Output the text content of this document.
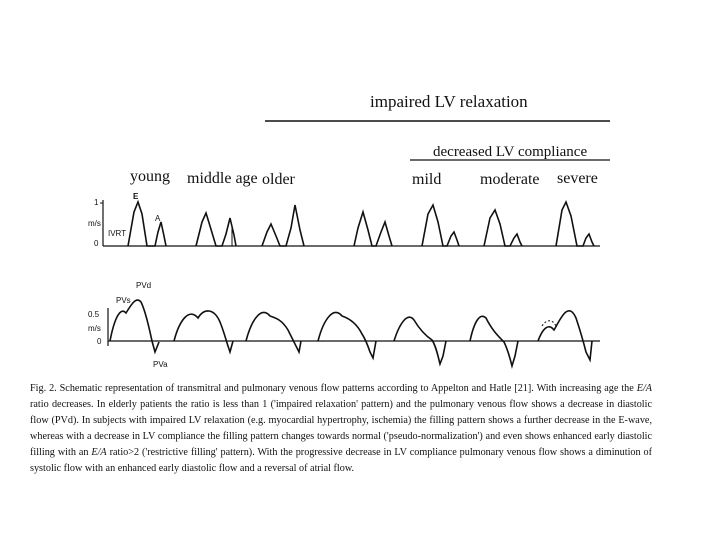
impaired LV relaxation
decreased LV compliance
young middle age older	mild moderate severe
m/s
1
0
E
A
IVRT
m/s
0.5
0
PVs
PVd
PVa
Fig. 2. Schematic representation of transmitral and pulmonary venous flow patterns according to Appelton and Hatle [21]. With increasing age the E/A ratio decreases. In elderly patients the ratio is less than 1 ('impaired relaxation' pattern) and the pulmonary venous flow shows a decrease in diastolic flow (PVd). In subjects with impaired LV relaxation (e.g. myocardial hypertrophy, ischemia) the filling pattern shows a further decrease in the E-wave, whereas with a decrease in LV compliance the filling pattern changes towards normal ('pseudo-normalization') and even shows enhanced early diastolic filling with an E/A ratio>2 ('restrictive filling' pattern). With the progressive decrease in LV compliance pulmonary venous flow shows a diminution of systolic flow with an enhanced early diastolic flow and a reversal of atrial flow.
